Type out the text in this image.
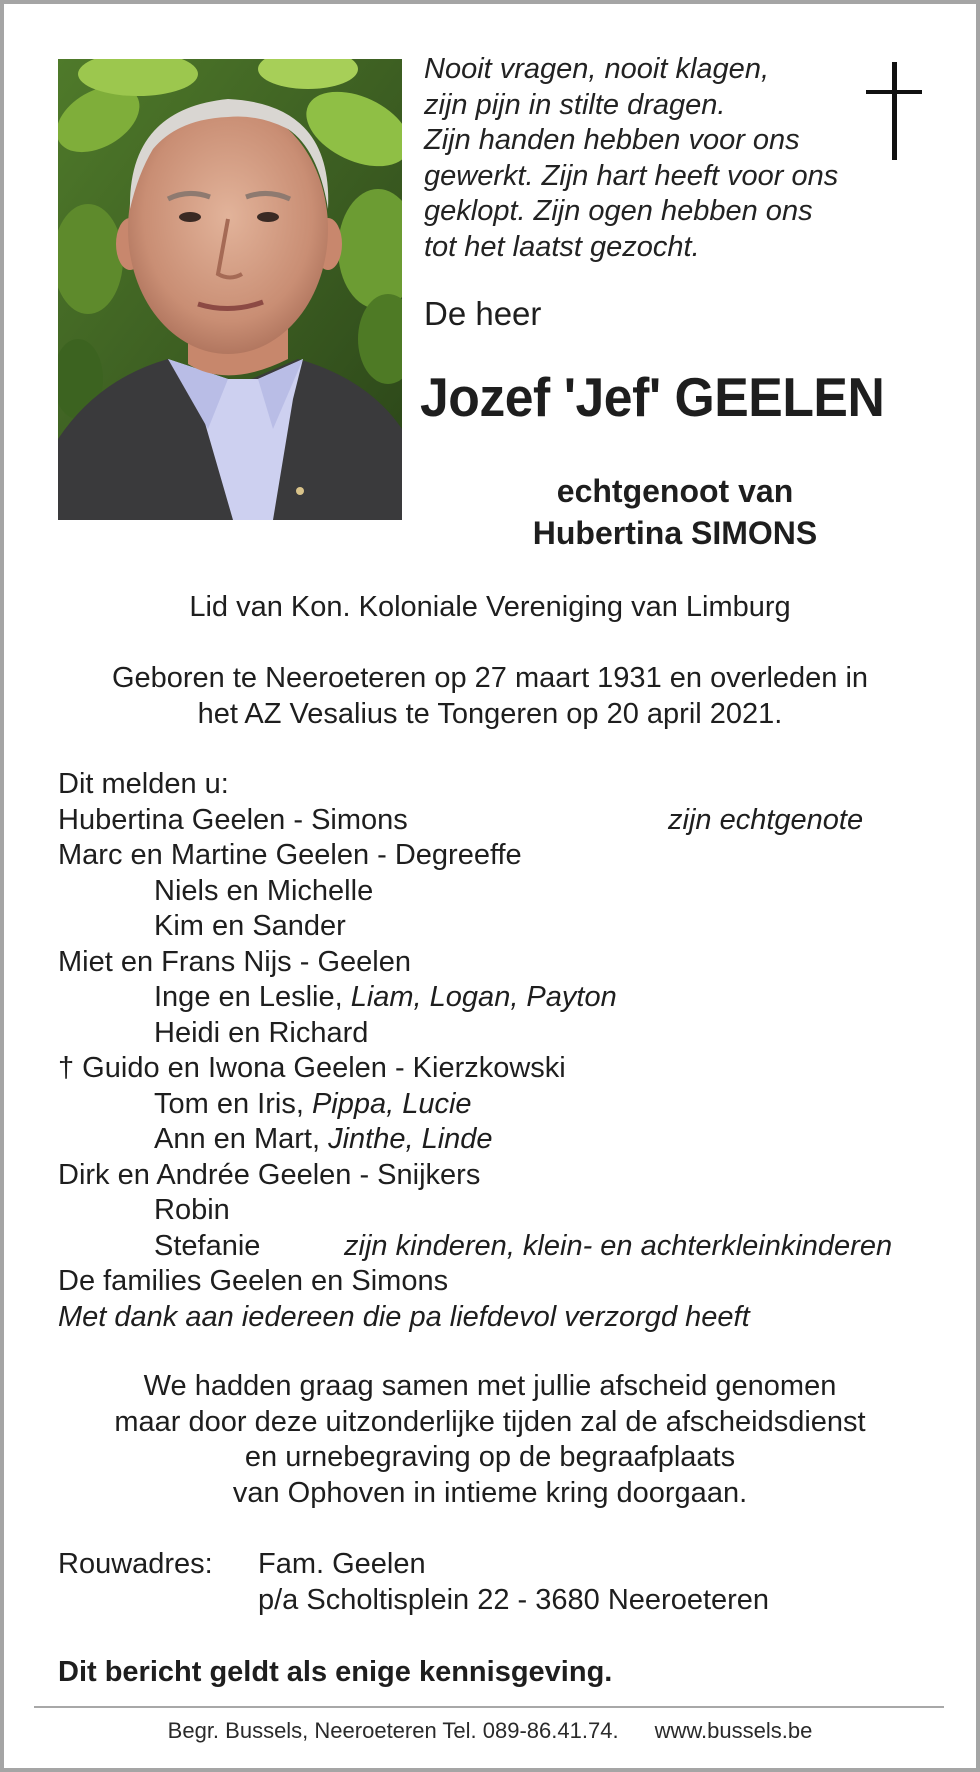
Nooit vragen, nooit klagen,
zijn pijn in stilte dragen.
Zijn handen hebben voor ons
gewerkt. Zijn hart heeft voor ons
geklopt. Zijn ogen hebben ons
tot het laatst gezocht.
De heer
Jozef 'Jef' GEELEN
echtgenoot van
Hubertina SIMONS
Lid van Kon. Koloniale Vereniging van Limburg
Geboren te Neeroeteren op 27 maart 1931 en overleden in
het AZ Vesalius te Tongeren op 20 april 2021.
Dit melden u:
Hubertina Geelen - Simons	zijn echtgenote
Marc en Martine Geelen - Degreeffe
Niels en Michelle
Kim en Sander
Miet en Frans Nijs - Geelen
Inge en Leslie, Liam, Logan, Payton
Heidi en Richard
† Guido en Iwona Geelen - Kierzkowski
Tom en Iris, Pippa, Lucie
Ann en Mart, Jinthe, Linde
Dirk en Andrée Geelen - Snijkers
Robin
Stefanie	zijn kinderen, klein- en achterkleinkinderen
De families Geelen en Simons
Met dank aan iedereen die pa liefdevol verzorgd heeft
We hadden graag samen met jullie afscheid genomen
maar door deze uitzonderlijke tijden zal de afscheidsdienst
en urnebegraving op de begraafplaats
van Ophoven in intieme kring doorgaan.
Rouwadres: Fam. Geelen
p/a Scholtisplein 22 - 3680 Neeroeteren
Dit bericht geldt als enige kennisgeving.
Begr. Bussels, Neeroeteren Tel. 089-86.41.74. www.bussels.be
